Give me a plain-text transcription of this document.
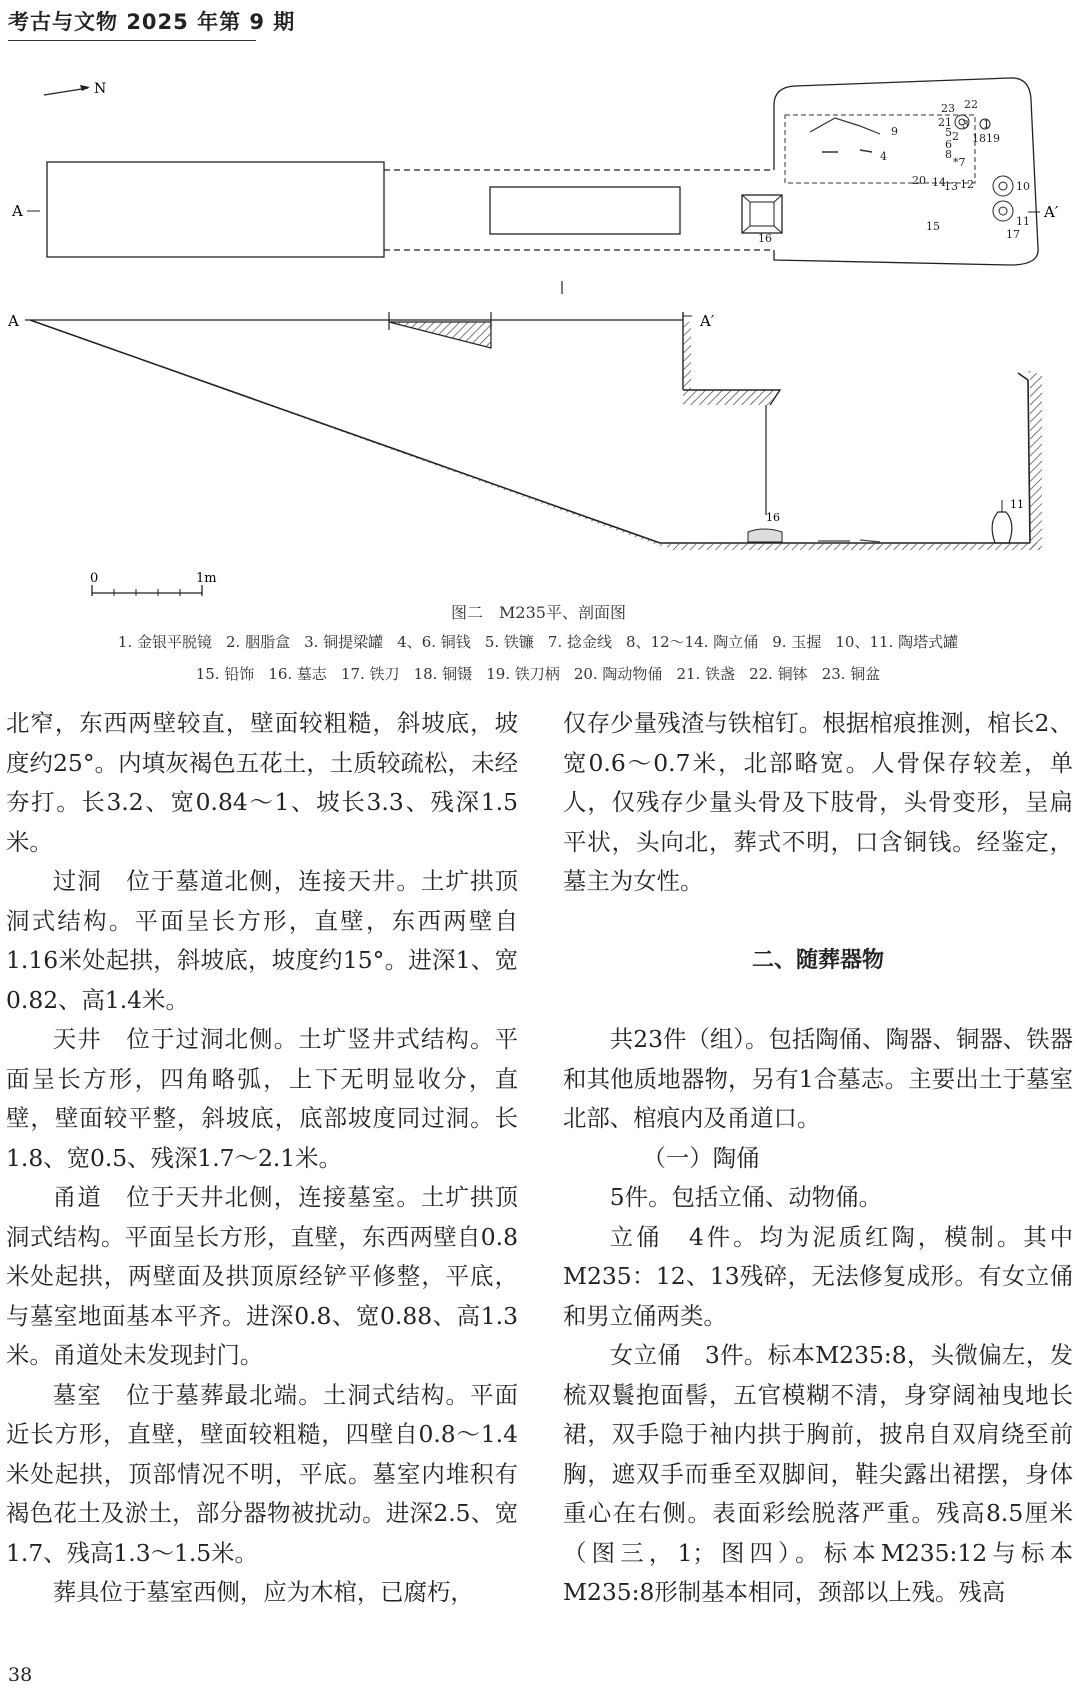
考古与文物 2025 年第 9 期
N
9
4
23 22
21 3 1
5 2 1819
6
8
*7
20 14
13 12	10
11
15
17
16
A	A′
A	A′
16
11
0	1m
图二　M235平、剖面图
1. 金银平脱镜 2. 胭脂盒 3. 铜提梁罐 4、6. 铜钱 5. 铁镰 7. 捻金线 8、12～14. 陶立俑 9. 玉握 10、11. 陶塔式罐
15. 铅饰 16. 墓志 17. 铁刀 18. 铜镊 19. 铁刀柄 20. 陶动物俑 21. 铁盏 22. 铜钵 23. 铜盆

北窄，东西两壁较直，壁面较粗糙，斜坡底，坡度约25°。内填灰褐色五花土，土质较疏松，未经夯打。长3.2、宽0.84～1、坡长3.3、残深1.5米。

过洞　位于墓道北侧，连接天井。土圹拱顶洞式结构。平面呈长方形，直壁，东西两壁自1.16米处起拱，斜坡底，坡度约15°。进深1、宽0.82、高1.4米。

天井　位于过洞北侧。土圹竖井式结构。平面呈长方形，四角略弧，上下无明显收分，直壁，壁面较平整，斜坡底，底部坡度同过洞。长1.8、宽0.5、残深1.7～2.1米。

甬道　位于天井北侧，连接墓室。土圹拱顶洞式结构。平面呈长方形，直壁，东西两壁自0.8米处起拱，两壁面及拱顶原经铲平修整，平底，与墓室地面基本平齐。进深0.8、宽0.88、高1.3米。甬道处未发现封门。

墓室　位于墓葬最北端。土洞式结构。平面近长方形，直壁，壁面较粗糙，四壁自0.8～1.4米处起拱，顶部情况不明，平底。墓室内堆积有褐色花土及淤土，部分器物被扰动。进深2.5、宽1.7、残高1.3～1.5米。

葬具位于墓室西侧，应为木棺，已腐朽，

仅存少量残渣与铁棺钉。根据棺痕推测，棺长2、宽0.6～0.7米，北部略宽。人骨保存较差，单人，仅残存少量头骨及下肢骨，头骨变形，呈扁平状，头向北，葬式不明，口含铜钱。经鉴定，墓主为女性。

二、随葬器物

共23件（组）。包括陶俑、陶器、铜器、铁器和其他质地器物，另有1合墓志。主要出土于墓室北部、棺痕内及甬道口。

（一）陶俑

5件。包括立俑、动物俑。

立俑　4件。均为泥质红陶，模制。其中M235：12、13残碎，无法修复成形。有女立俑和男立俑两类。

女立俑　3件。标本M235:8，头微偏左，发梳双鬟抱面髻，五官模糊不清，身穿阔袖曳地长裙，双手隐于袖内拱于胸前，披帛自双肩绕至前胸，遮双手而垂至双脚间，鞋尖露出裙摆，身体重心在右侧。表面彩绘脱落严重。残高8.5厘米（图三，1；图四）。标本M235:12与标本M235:8形制基本相同，颈部以上残。残高

38
